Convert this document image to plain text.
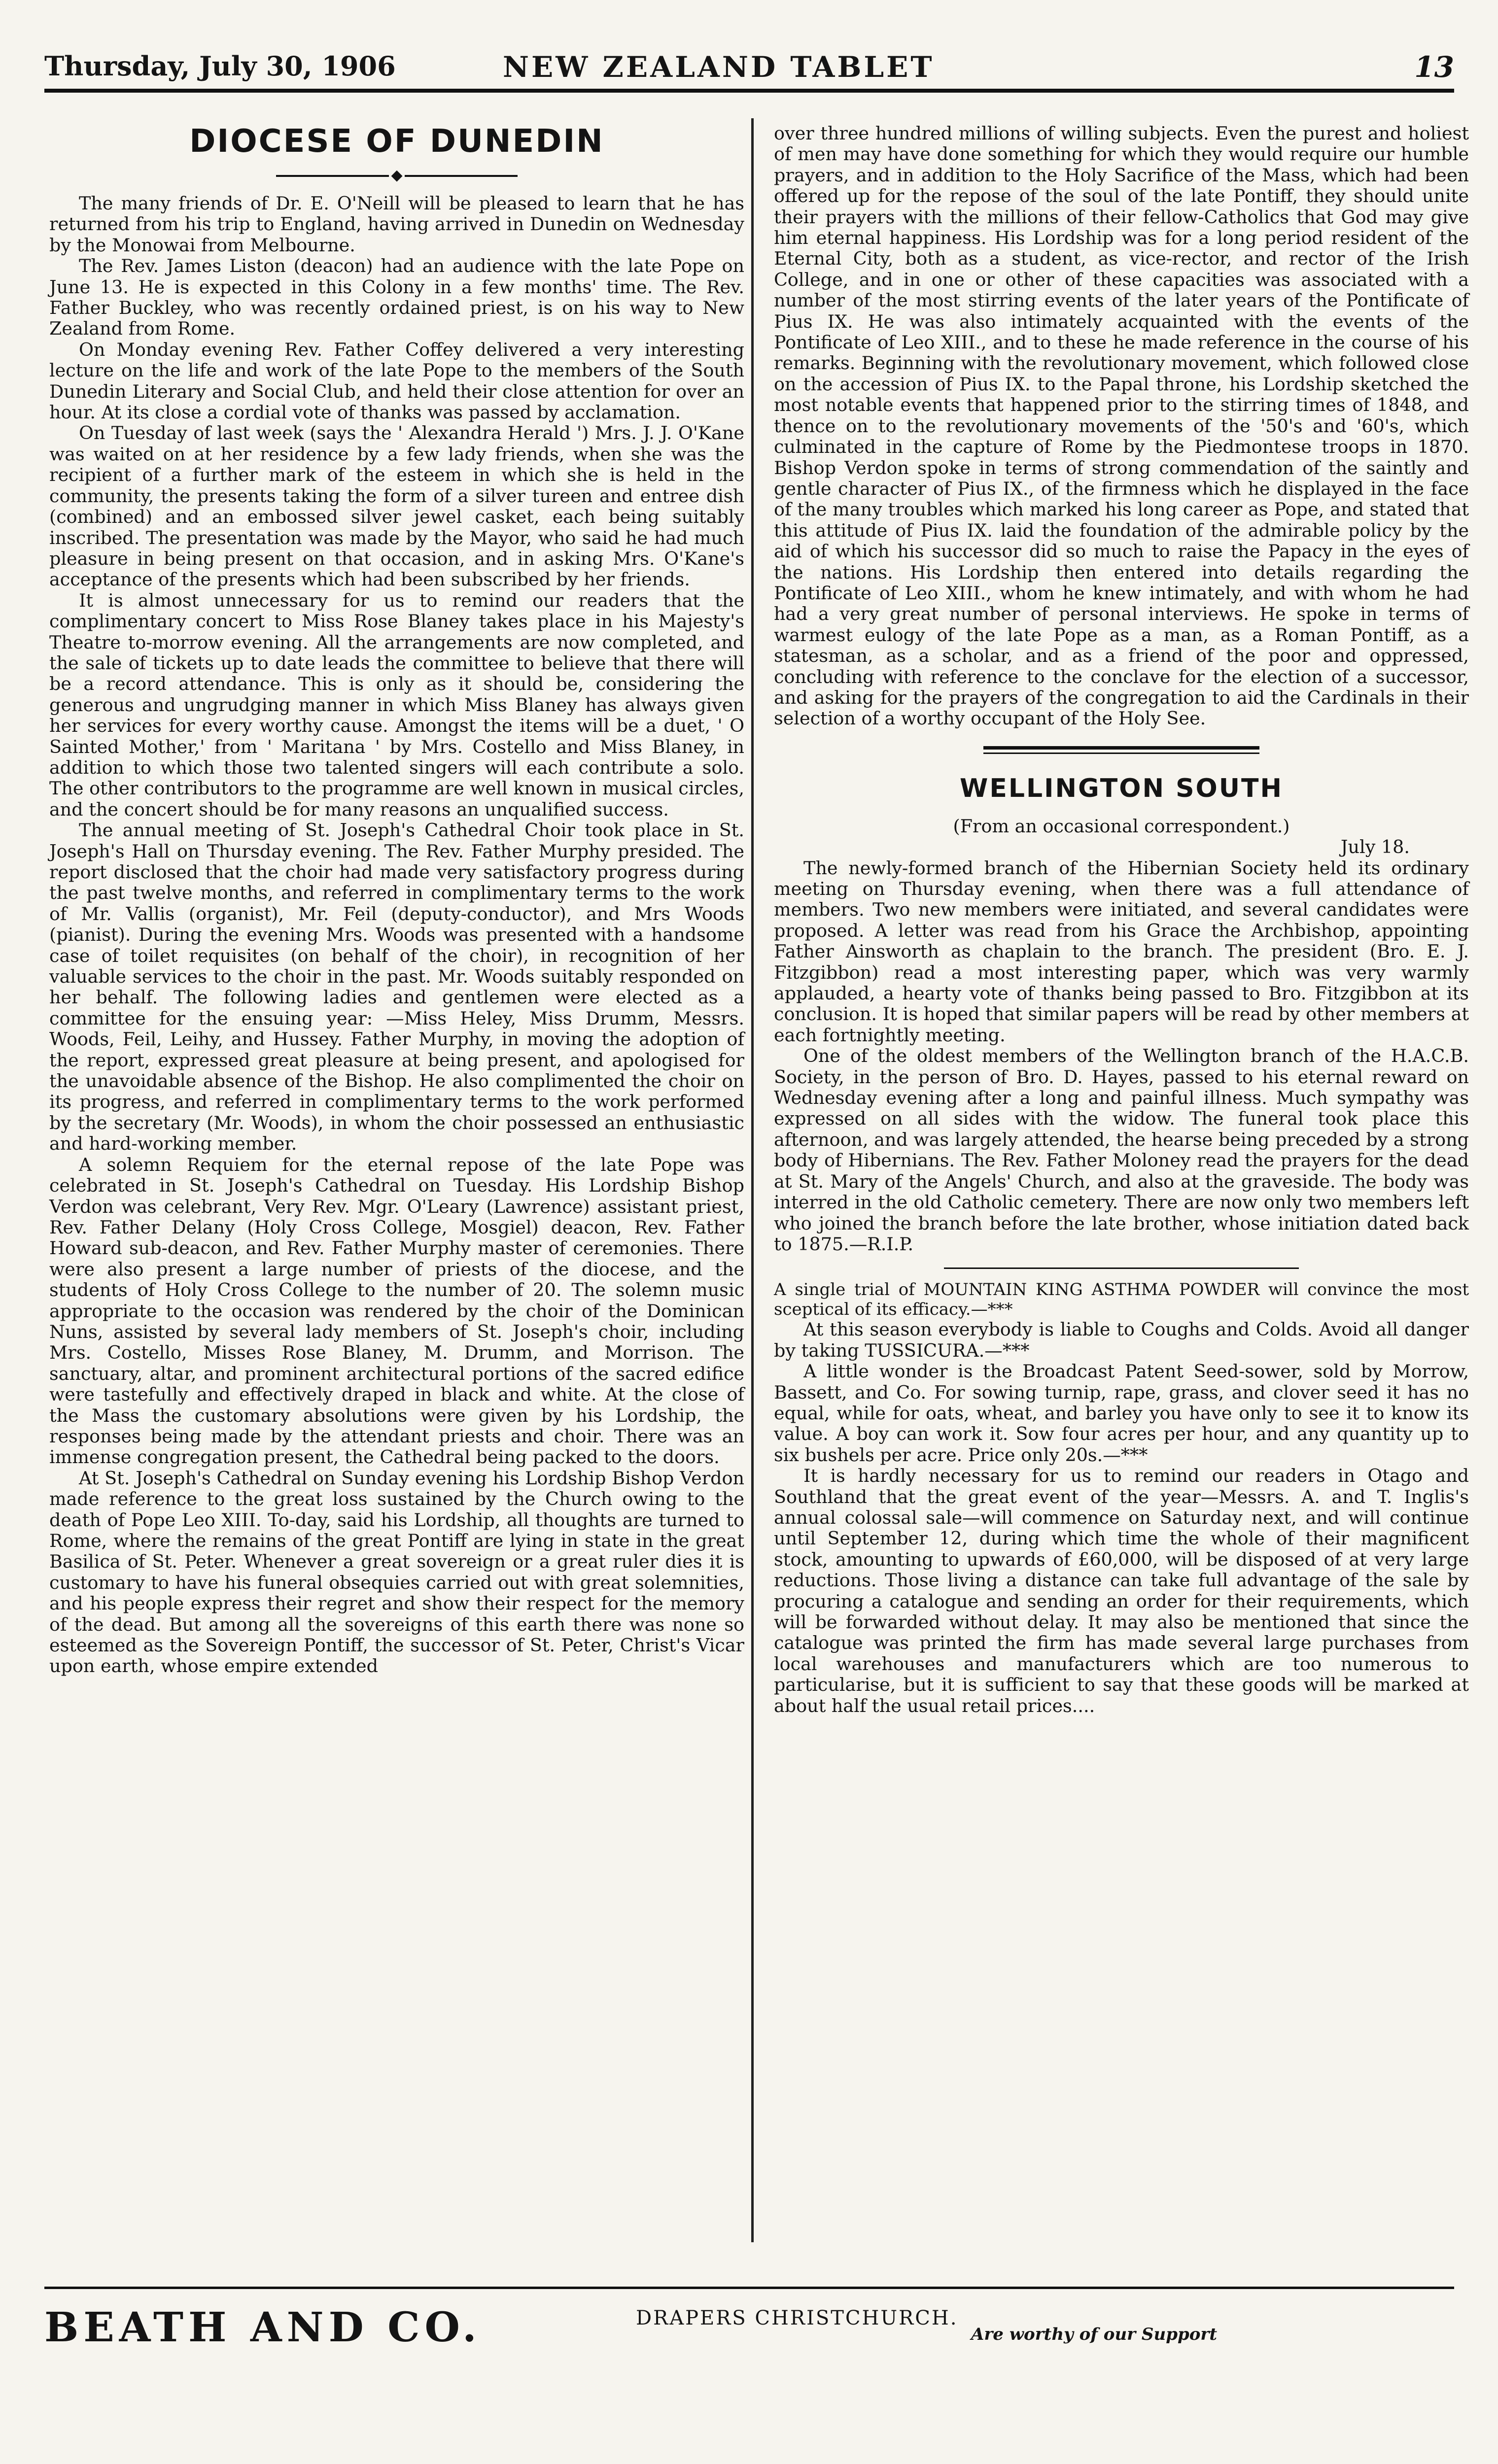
Thursday, July 30, 1906	NEW ZEALAND TABLET	13
DIOCESE OF DUNEDIN
◆

The many friends of Dr. E. O'Neill will be pleased to learn that he has returned from his trip to England, having arrived in Dunedin on Wednesday by the Monowai from Melbourne.

The Rev. James Liston (deacon) had an audience with the late Pope on June 13. He is expected in this Colony in a few months' time. The Rev. Father Buckley, who was recently ordained priest, is on his way to New Zealand from Rome.

On Monday evening Rev. Father Coffey delivered a very interesting lecture on the life and work of the late Pope to the members of the South Dunedin Literary and Social Club, and held their close attention for over an hour. At its close a cordial vote of thanks was passed by acclamation.

On Tuesday of last week (says the ' Alexandra Herald ') Mrs. J. J. O'Kane was waited on at her residence by a few lady friends, when she was the recipient of a further mark of the esteem in which she is held in the community, the presents taking the form of a silver tureen and entree dish (combined) and an embossed silver jewel casket, each being suitably inscribed. The presentation was made by the Mayor, who said he had much pleasure in being present on that occasion, and in asking Mrs. O'Kane's acceptance of the presents which had been subscribed by her friends.

It is almost unnecessary for us to remind our readers that the complimentary concert to Miss Rose Blaney takes place in his Majesty's Theatre to-morrow evening. All the arrangements are now completed, and the sale of tickets up to date leads the committee to believe that there will be a record attendance. This is only as it should be, considering the generous and ungrudging manner in which Miss Blaney has always given her services for every worthy cause. Amongst the items will be a duet, ' O Sainted Mother,' from ' Maritana ' by Mrs. Costello and Miss Blaney, in addition to which those two talented singers will each contribute a solo. The other contributors to the programme are well known in musical circles, and the concert should be for many reasons an unqualified success.

The annual meeting of St. Joseph's Cathedral Choir took place in St. Joseph's Hall on Thursday evening. The Rev. Father Murphy presided. The report disclosed that the choir had made very satisfactory progress during the past twelve months, and referred in complimentary terms to the work of Mr. Vallis (organist), Mr. Feil (deputy-conductor), and Mrs Woods (pianist). During the evening Mrs. Woods was presented with a handsome case of toilet requisites (on behalf of the choir), in recognition of her valuable services to the choir in the past. Mr. Woods suitably responded on her behalf. The following ladies and gentlemen were elected as a committee for the ensuing year: —Miss Heley, Miss Drumm, Messrs. Woods, Feil, Leihy, and Hussey. Father Murphy, in moving the adoption of the report, expressed great pleasure at being present, and apologised for the unavoidable absence of the Bishop. He also complimented the choir on its progress, and referred in complimentary terms to the work performed by the secretary (Mr. Woods), in whom the choir possessed an enthusiastic and hard-working member.

A solemn Requiem for the eternal repose of the late Pope was celebrated in St. Joseph's Cathedral on Tuesday. His Lordship Bishop Verdon was celebrant, Very Rev. Mgr. O'Leary (Lawrence) assistant priest, Rev. Father Delany (Holy Cross College, Mosgiel) deacon, Rev. Father Howard sub-deacon, and Rev. Father Murphy master of ceremonies. There were also present a large number of priests of the diocese, and the students of Holy Cross College to the number of 20. The solemn music appropriate to the occasion was rendered by the choir of the Dominican Nuns, assisted by several lady members of St. Joseph's choir, including Mrs. Costello, Misses Rose Blaney, M. Drumm, and Morrison. The sanctuary, altar, and prominent architectural portions of the sacred edifice were tastefully and effectively draped in black and white. At the close of the Mass the customary absolutions were given by his Lordship, the responses being made by the attendant priests and choir. There was an immense congregation present, the Cathedral being packed to the doors.

At St. Joseph's Cathedral on Sunday evening his Lordship Bishop Verdon made reference to the great loss sustained by the Church owing to the death of Pope Leo XIII. To-day, said his Lordship, all thoughts are turned to Rome, where the remains of the great Pontiff are lying in state in the great Basilica of St. Peter. Whenever a great sovereign or a great ruler dies it is customary to have his funeral obsequies carried out with great solemnities, and his people express their regret and show their respect for the memory of the dead. But among all the sovereigns of this earth there was none so esteemed as the Sovereign Pontiff, the successor of St. Peter, Christ's Vicar upon earth, whose empire extended

over three hundred millions of willing subjects. Even the purest and holiest of men may have done something for which they would require our humble prayers, and in addition to the Holy Sacrifice of the Mass, which had been offered up for the repose of the soul of the late Pontiff, they should unite their prayers with the millions of their fellow-Catholics that God may give him eternal happiness. His Lordship was for a long period resident of the Eternal City, both as a student, as vice-rector, and rector of the Irish College, and in one or other of these capacities was associated with a number of the most stirring events of the later years of the Pontificate of Pius IX. He was also intimately acquainted with the events of the Pontificate of Leo XIII., and to these he made reference in the course of his remarks. Beginning with the revolutionary movement, which followed close on the accession of Pius IX. to the Papal throne, his Lordship sketched the most notable events that happened prior to the stirring times of 1848, and thence on to the revolutionary movements of the '50's and '60's, which culminated in the capture of Rome by the Piedmontese troops in 1870. Bishop Verdon spoke in terms of strong commendation of the saintly and gentle character of Pius IX., of the firmness which he displayed in the face of the many troubles which marked his long career as Pope, and stated that this attitude of Pius IX. laid the foundation of the admirable policy by the aid of which his successor did so much to raise the Papacy in the eyes of the nations. His Lordship then entered into details regarding the Pontificate of Leo XIII., whom he knew intimately, and with whom he had had a very great number of personal interviews. He spoke in terms of warmest eulogy of the late Pope as a man, as a Roman Pontiff, as a statesman, as a scholar, and as a friend of the poor and oppressed, concluding with reference to the conclave for the election of a successor, and asking for the prayers of the congregation to aid the Cardinals in their selection of a worthy occupant of the Holy See.

WELLINGTON SOUTH

(From an occasional correspondent.)

July 18.

The newly-formed branch of the Hibernian Society held its ordinary meeting on Thursday evening, when there was a full attendance of members. Two new members were initiated, and several candidates were proposed. A letter was read from his Grace the Archbishop, appointing Father Ainsworth as chaplain to the branch. The president (Bro. E. J. Fitzgibbon) read a most interesting paper, which was very warmly applauded, a hearty vote of thanks being passed to Bro. Fitzgibbon at its conclusion. It is hoped that similar papers will be read by other members at each fortnightly meeting.

One of the oldest members of the Wellington branch of the H.A.C.B. Society, in the person of Bro. D. Hayes, passed to his eternal reward on Wednesday evening after a long and painful illness. Much sympathy was expressed on all sides with the widow. The funeral took place this afternoon, and was largely attended, the hearse being preceded by a strong body of Hibernians. The Rev. Father Moloney read the prayers for the dead at St. Mary of the Angels' Church, and also at the graveside. The body was interred in the old Catholic cemetery. There are now only two members left who joined the branch before the late brother, whose initiation dated back to 1875.—R.I.P.

A single trial of MOUNTAIN KING ASTHMA POWDER will convince the most sceptical of its efficacy.—***

At this season everybody is liable to Coughs and Colds. Avoid all danger by taking TUSSICURA.—***

A little wonder is the Broadcast Patent Seed-sower, sold by Morrow, Bassett, and Co. For sowing turnip, rape, grass, and clover seed it has no equal, while for oats, wheat, and barley you have only to see it to know its value. A boy can work it. Sow four acres per hour, and any quantity up to six bushels per acre. Price only 20s.—***

It is hardly necessary for us to remind our readers in Otago and Southland that the great event of the year—Messrs. A. and T. Inglis's annual colossal sale—will commence on Saturday next, and will continue until September 12, during which time the whole of their magnificent stock, amounting to upwards of £60,000, will be disposed of at very large reductions. Those living a distance can take full advantage of the sale by procuring a catalogue and sending an order for their requirements, which will be forwarded without delay. It may also be mentioned that since the catalogue was printed the firm has made several large purchases from local warehouses and manufacturers which are too numerous to particularise, but it is sufficient to say that these goods will be marked at about half the usual retail prices....

BEATH AND CO.	DRAPERS CHRISTCHURCH.
Are worthy of our Support
